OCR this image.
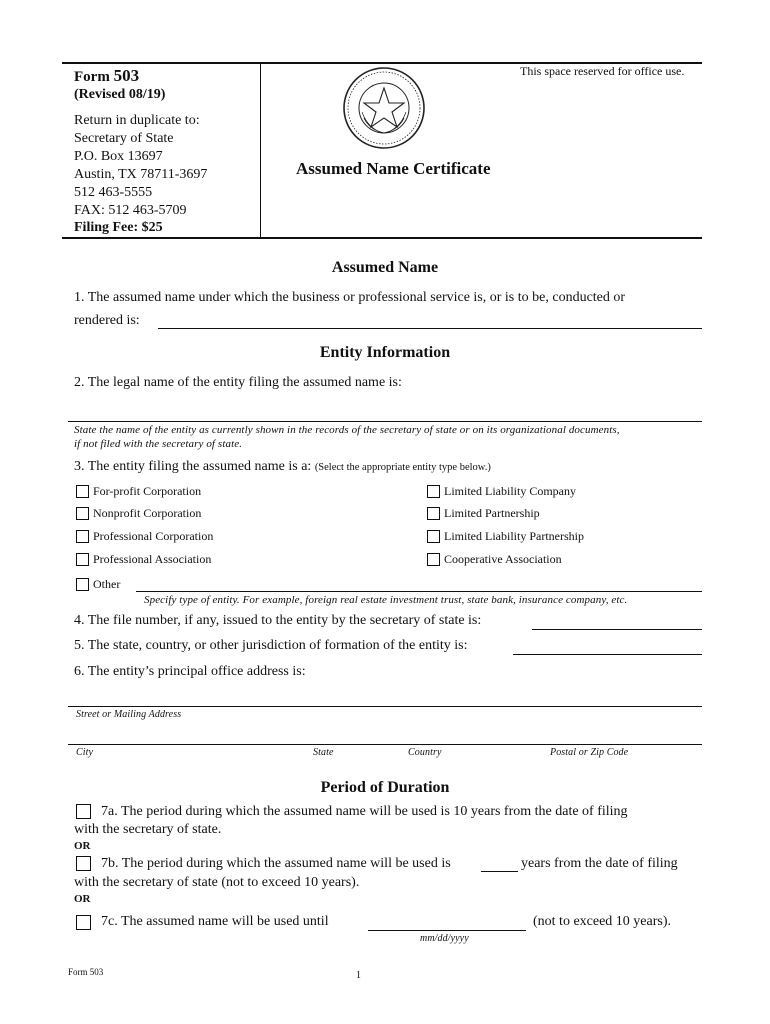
Form 503
(Revised 08/19)
Return in duplicate to:
Secretary of State
P.O. Box 13697
Austin, TX 78711-3697
512 463-5555
FAX: 512 463-5709
Filing Fee: $25
This space reserved for office use.
Assumed Name Certificate
Assumed Name
1. The assumed name under which the business or professional service is, or is to be, conducted or
rendered is:
Entity Information
2. The legal name of the entity filing the assumed name is:
State the name of the entity as currently shown in the records of the secretary of state or on its organizational documents,
if not filed with the secretary of state.
3. The entity filing the assumed name is a: (Select the appropriate entity type below.)
For-profit Corporation
Nonprofit Corporation
Professional Corporation
Professional Association
Limited Liability Company
Limited Partnership
Limited Liability Partnership
Cooperative Association
Other
Specify type of entity. For example, foreign real estate investment trust, state bank, insurance company, etc.
4. The file number, if any, issued to the entity by the secretary of state is:
5. The state, country, or other jurisdiction of formation of the entity is:
6. The entity’s principal office address is:
Street or Mailing Address
City	State	Country	Postal or Zip Code
Period of Duration
7a. The period during which the assumed name will be used is 10 years from the date of filing
with the secretary of state.
OR
7b. The period during which the assumed name will be used is	years from the date of filing
with the secretary of state (not to exceed 10 years).
OR
7c. The assumed name will be used until	(not to exceed 10 years).
mm/dd/yyyy
Form 503	1
